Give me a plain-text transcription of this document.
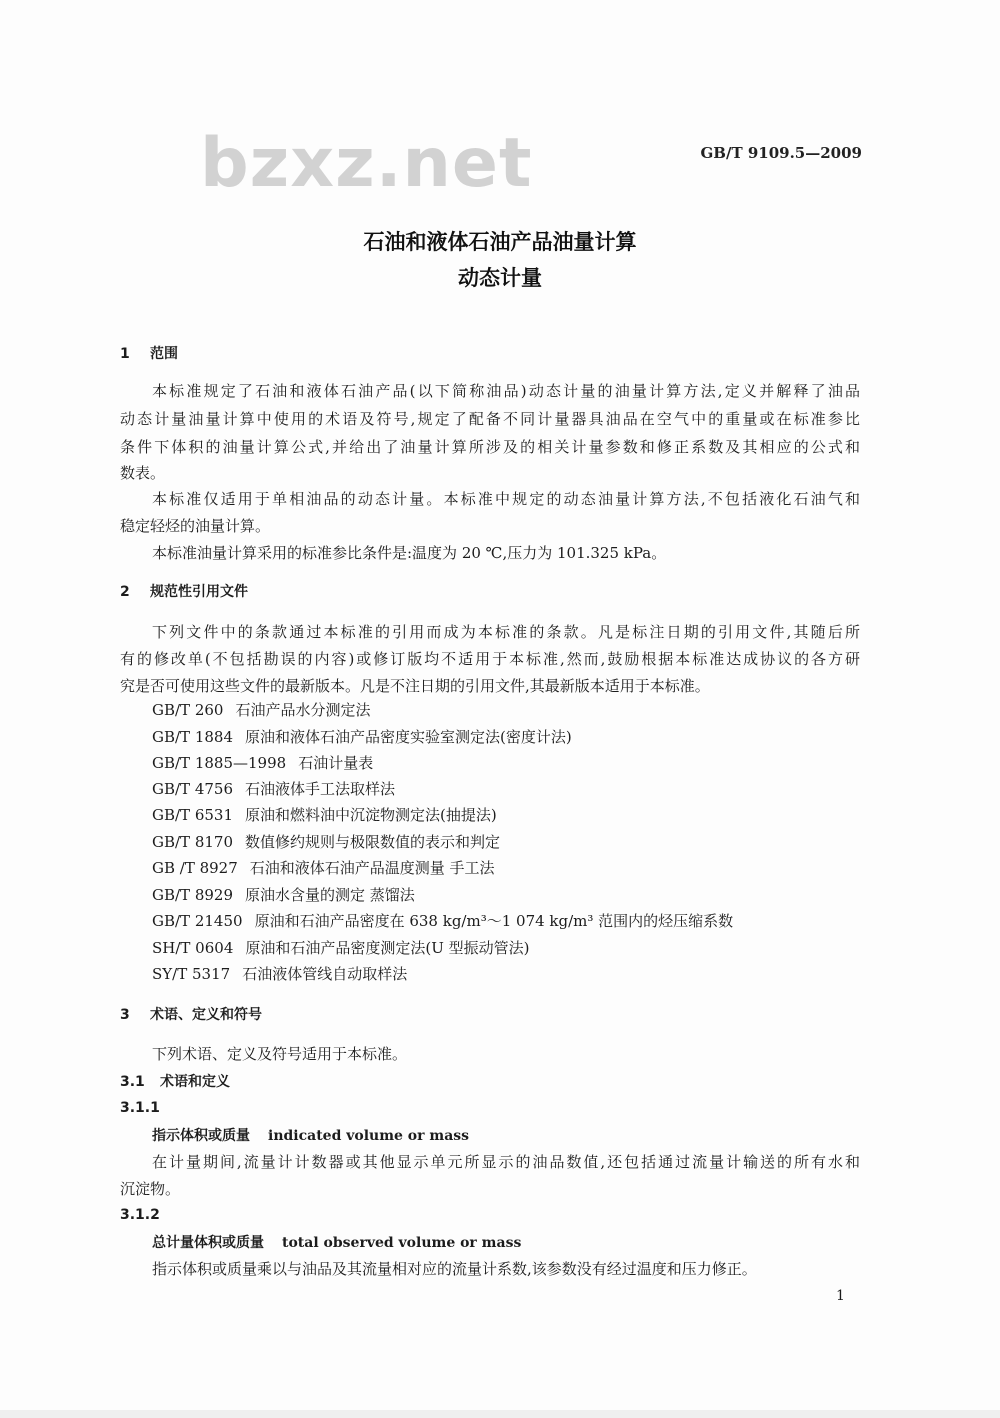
bzxz.net	GB/T 9109.5—2009
石油和液体石油产品油量计算
动态计量
1 范围
本标准规定了石油和液体石油产品(以下简称油品)动态计量的油量计算方法,定义并解释了油品
动态计量油量计算中使用的术语及符号,规定了配备不同计量器具油品在空气中的重量或在标准参比
条件下体积的油量计算公式,并给出了油量计算所涉及的相关计量参数和修正系数及其相应的公式和
数表。
本标准仅适用于单相油品的动态计量。本标准中规定的动态油量计算方法,不包括液化石油气和
稳定轻烃的油量计算。
本标准油量计算采用的标准参比条件是:温度为 20 ℃,压力为 101.325 kPa。
2 规范性引用文件
下列文件中的条款通过本标准的引用而成为本标准的条款。凡是标注日期的引用文件,其随后所
有的修改单(不包括勘误的内容)或修订版均不适用于本标准,然而,鼓励根据本标准达成协议的各方研
究是否可使用这些文件的最新版本。凡是不注日期的引用文件,其最新版本适用于本标准。
GB/T 260 石油产品水分测定法
GB/T 1884 原油和液体石油产品密度实验室测定法(密度计法)
GB/T 1885—1998 石油计量表
GB/T 4756 石油液体手工法取样法
GB/T 6531 原油和燃料油中沉淀物测定法(抽提法)
GB/T 8170 数值修约规则与极限数值的表示和判定
GB /T 8927 石油和液体石油产品温度测量 手工法
GB/T 8929 原油水含量的测定 蒸馏法
GB/T 21450 原油和石油产品密度在 638 kg/m³～1 074 kg/m³ 范围内的烃压缩系数
SH/T 0604 原油和石油产品密度测定法(U 型振动管法)
SY/T 5317 石油液体管线自动取样法
3 术语、定义和符号
下列术语、定义及符号适用于本标准。
3.1 术语和定义
3.1.1
指示体积或质量 indicated volume or mass
在计量期间,流量计计数器或其他显示单元所显示的油品数值,还包括通过流量计输送的所有水和
沉淀物。
3.1.2
总计量体积或质量 total observed volume or mass
指示体积或质量乘以与油品及其流量相对应的流量计系数,该参数没有经过温度和压力修正。
1
